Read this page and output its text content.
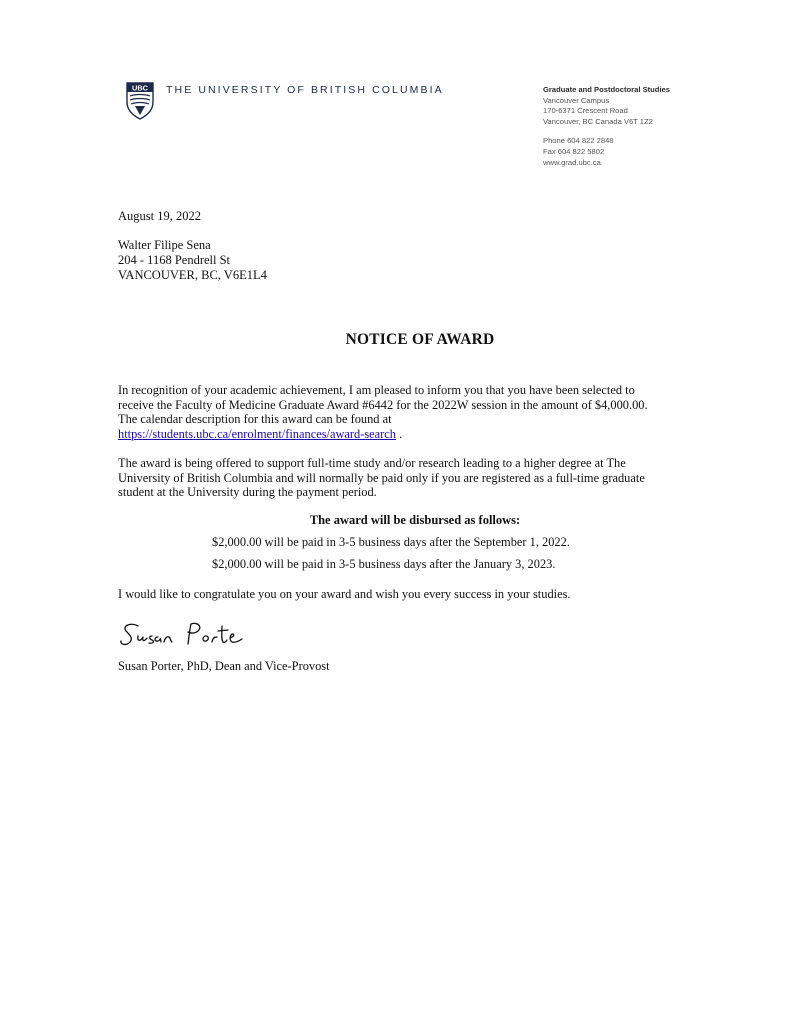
UBC THE UNIVERSITY OF BRITISH COLUMBIA	Graduate and Postdoctoral Studies
Vancouver Campus
170-6371 Crescent Road
Vancouver, BC Canada V6T 1Z2
Phone 604 822 2848
Fax 604 822 5802
www.grad.ubc.ca
August 19, 2022
Walter Filipe Sena
204 - 1168 Pendrell St
VANCOUVER, BC, V6E1L4
NOTICE OF AWARD
In recognition of your academic achievement, I am pleased to inform you that you have been selected to
receive the Faculty of Medicine Graduate Award #6442 for the 2022W session in the amount of $4,000.00.
The calendar description for this award can be found at
https://students.ubc.ca/enrolment/finances/award-search .
The award is being offered to support full-time study and/or research leading to a higher degree at The
University of British Columbia and will normally be paid only if you are registered as a full-time graduate
student at the University during the payment period.
The award will be disbursed as follows:
$2,000.00 will be paid in 3-5 business days after the September 1, 2022.
$2,000.00 will be paid in 3-5 business days after the January 3, 2023.
I would like to congratulate you on your award and wish you every success in your studies.
Susan Porter, PhD, Dean and Vice-Provost
